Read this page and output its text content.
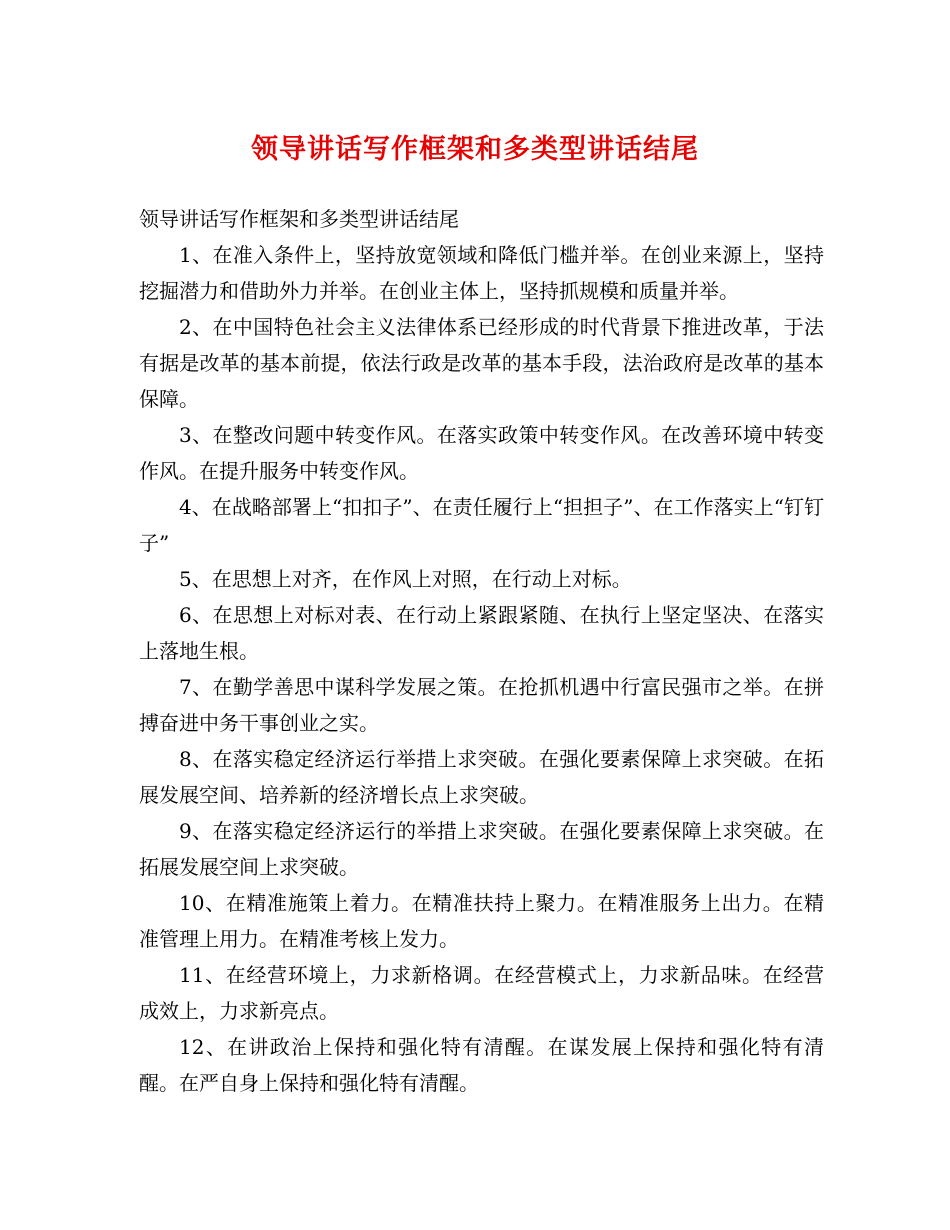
领导讲话写作框架和多类型讲话结尾

领导讲话写作框架和多类型讲话结尾

1、在准入条件上，坚持放宽领域和降低门槛并举。在创业来源上，坚持挖掘潜力和借助外力并举。在创业主体上，坚持抓规模和质量并举。

2、在中国特色社会主义法律体系已经形成的时代背景下推进改革，于法有据是改革的基本前提，依法行政是改革的基本手段，法治政府是改革的基本保障。

3、在整改问题中转变作风。在落实政策中转变作风。在改善环境中转变作风。在提升服务中转变作风。

4、在战略部署上“扣扣子”、在责任履行上“担担子”、在工作落实上“钉钉子”

5、在思想上对齐，在作风上对照，在行动上对标。

6、在思想上对标对表、在行动上紧跟紧随、在执行上坚定坚决、在落实上落地生根。

7、在勤学善思中谋科学发展之策。在抢抓机遇中行富民强市之举。在拼搏奋进中务干事创业之实。

8、在落实稳定经济运行举措上求突破。在强化要素保障上求突破。在拓展发展空间、培养新的经济增长点上求突破。

9、在落实稳定经济运行的举措上求突破。在强化要素保障上求突破。在拓展发展空间上求突破。

10、在精准施策上着力。在精准扶持上聚力。在精准服务上出力。在精准管理上用力。在精准考核上发力。

11、在经营环境上，力求新格调。在经营模式上，力求新品味。在经营成效上，力求新亮点。

12、在讲政治上保持和强化特有清醒。在谋发展上保持和强化特有清醒。在严自身上保持和强化特有清醒。
